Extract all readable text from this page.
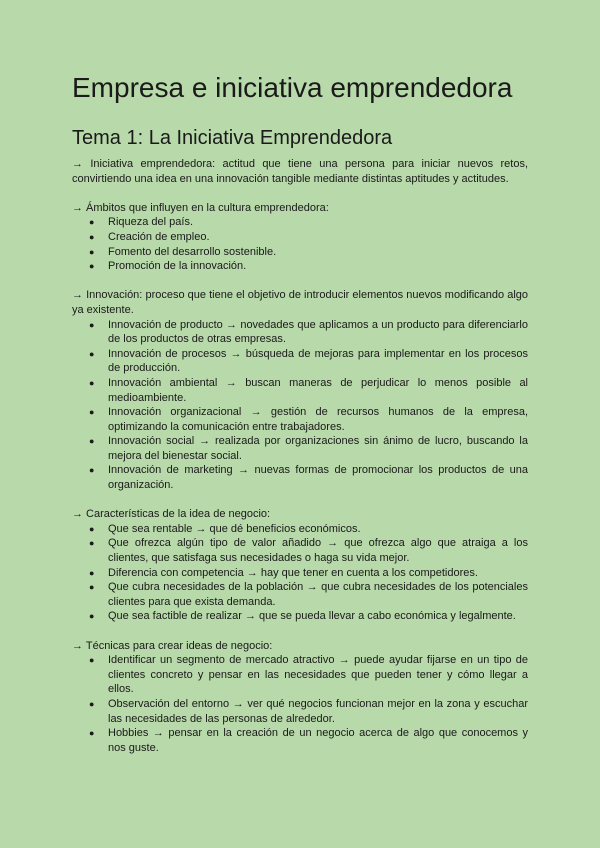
Empresa e iniciativa emprendedora
Tema 1: La Iniciativa Emprendedora

→ Iniciativa emprendedora: actitud que tiene una persona para iniciar nuevos retos, convirtiendo una idea en una innovación tangible mediante distintas aptitudes y actitudes.

→ Ámbitos que influyen en la cultura emprendedora:

● Riqueza del país.
● Creación de empleo.
● Fomento del desarrollo sostenible.
● Promoción de la innovación.

→ Innovación: proceso que tiene el objetivo de introducir elementos nuevos modificando algo ya existente.

● Innovación de producto → novedades que aplicamos a un producto para diferenciarlo de los productos de otras empresas.
● Innovación de procesos → búsqueda de mejoras para implementar en los procesos de producción.
● Innovación ambiental → buscan maneras de perjudicar lo menos posible al medioambiente.
● Innovación organizacional → gestión de recursos humanos de la empresa, optimizando la comunicación entre trabajadores.
● Innovación social → realizada por organizaciones sin ánimo de lucro, buscando la mejora del bienestar social.
● Innovación de marketing → nuevas formas de promocionar los productos de una organización.

→ Características de la idea de negocio:

● Que sea rentable → que dé beneficios económicos.
● Que ofrezca algún tipo de valor añadido → que ofrezca algo que atraiga a los clientes, que satisfaga sus necesidades o haga su vida mejor.
● Diferencia con competencia → hay que tener en cuenta a los competidores.
● Que cubra necesidades de la población → que cubra necesidades de los potenciales clientes para que exista demanda.
● Que sea factible de realizar → que se pueda llevar a cabo económica y legalmente.

→ Técnicas para crear ideas de negocio:

● Identificar un segmento de mercado atractivo → puede ayudar fijarse en un tipo de clientes concreto y pensar en las necesidades que pueden tener y cómo llegar a ellos.
● Observación del entorno → ver qué negocios funcionan mejor en la zona y escuchar las necesidades de las personas de alrededor.
● Hobbies → pensar en la creación de un negocio acerca de algo que conocemos y nos guste.
